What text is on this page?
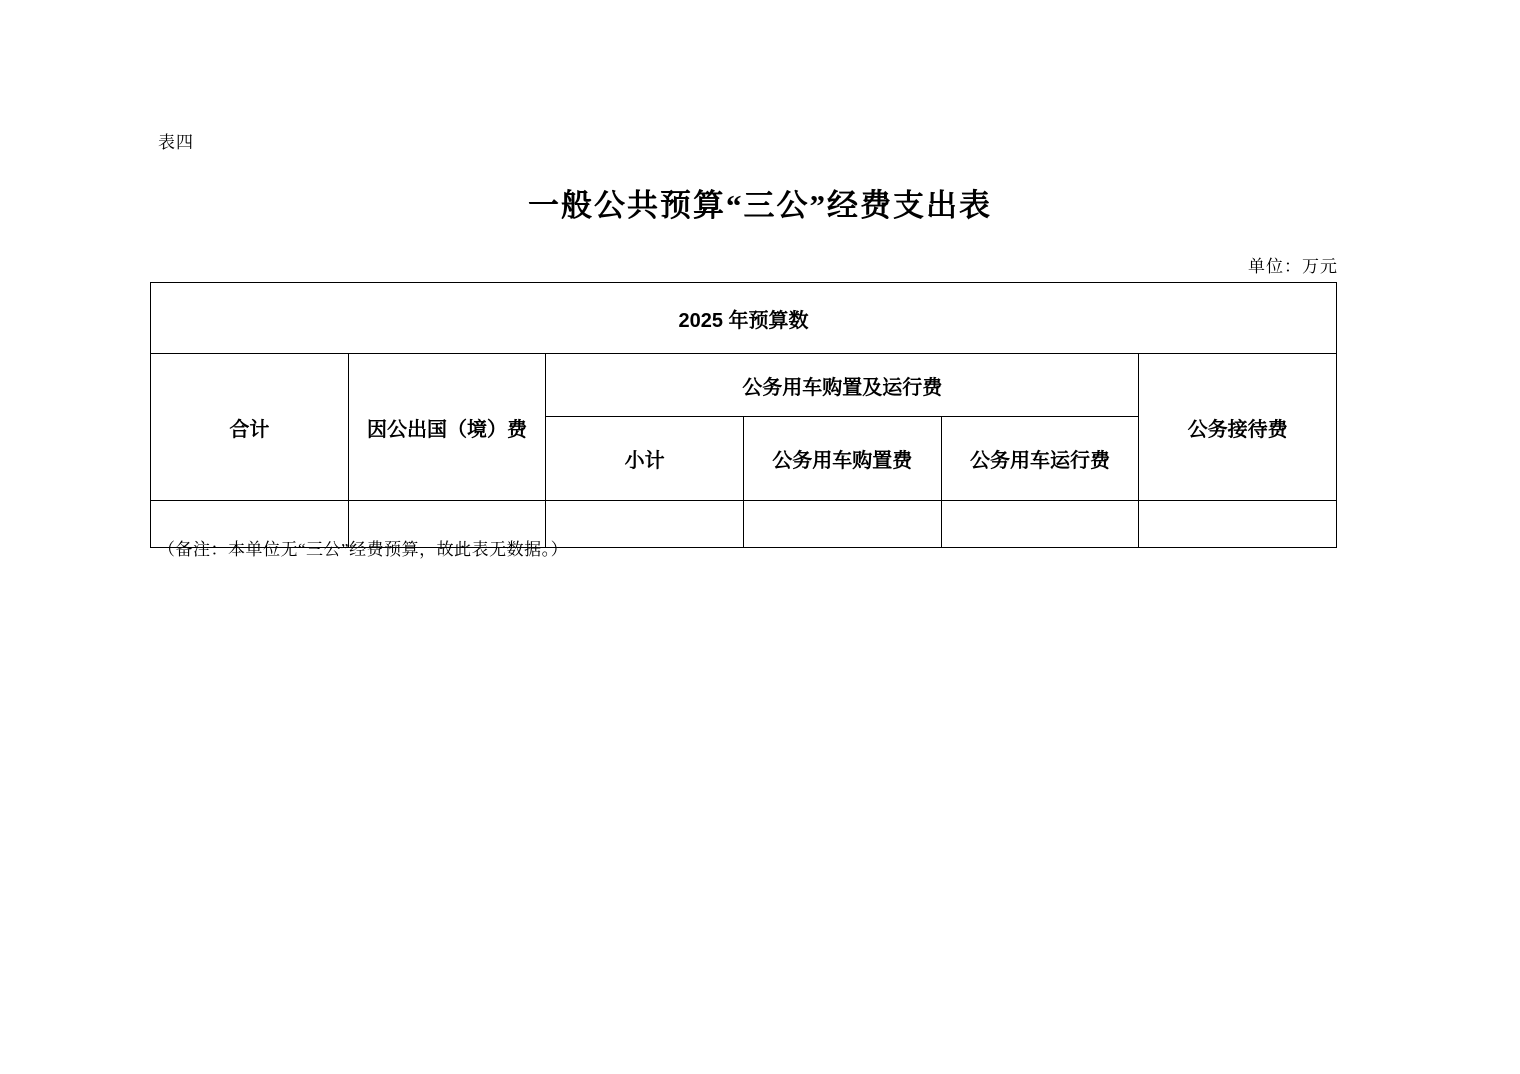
表四
一般公共预算“三公”经费支出表
单位：万元
2025 年预算数					
合计	因公出国（境）费	公务用车购置及运行费			公务接待费
		小计	公务用车购置费	公务用车运行费	

（备注：本单位无“三公”经费预算，故此表无数据。）
